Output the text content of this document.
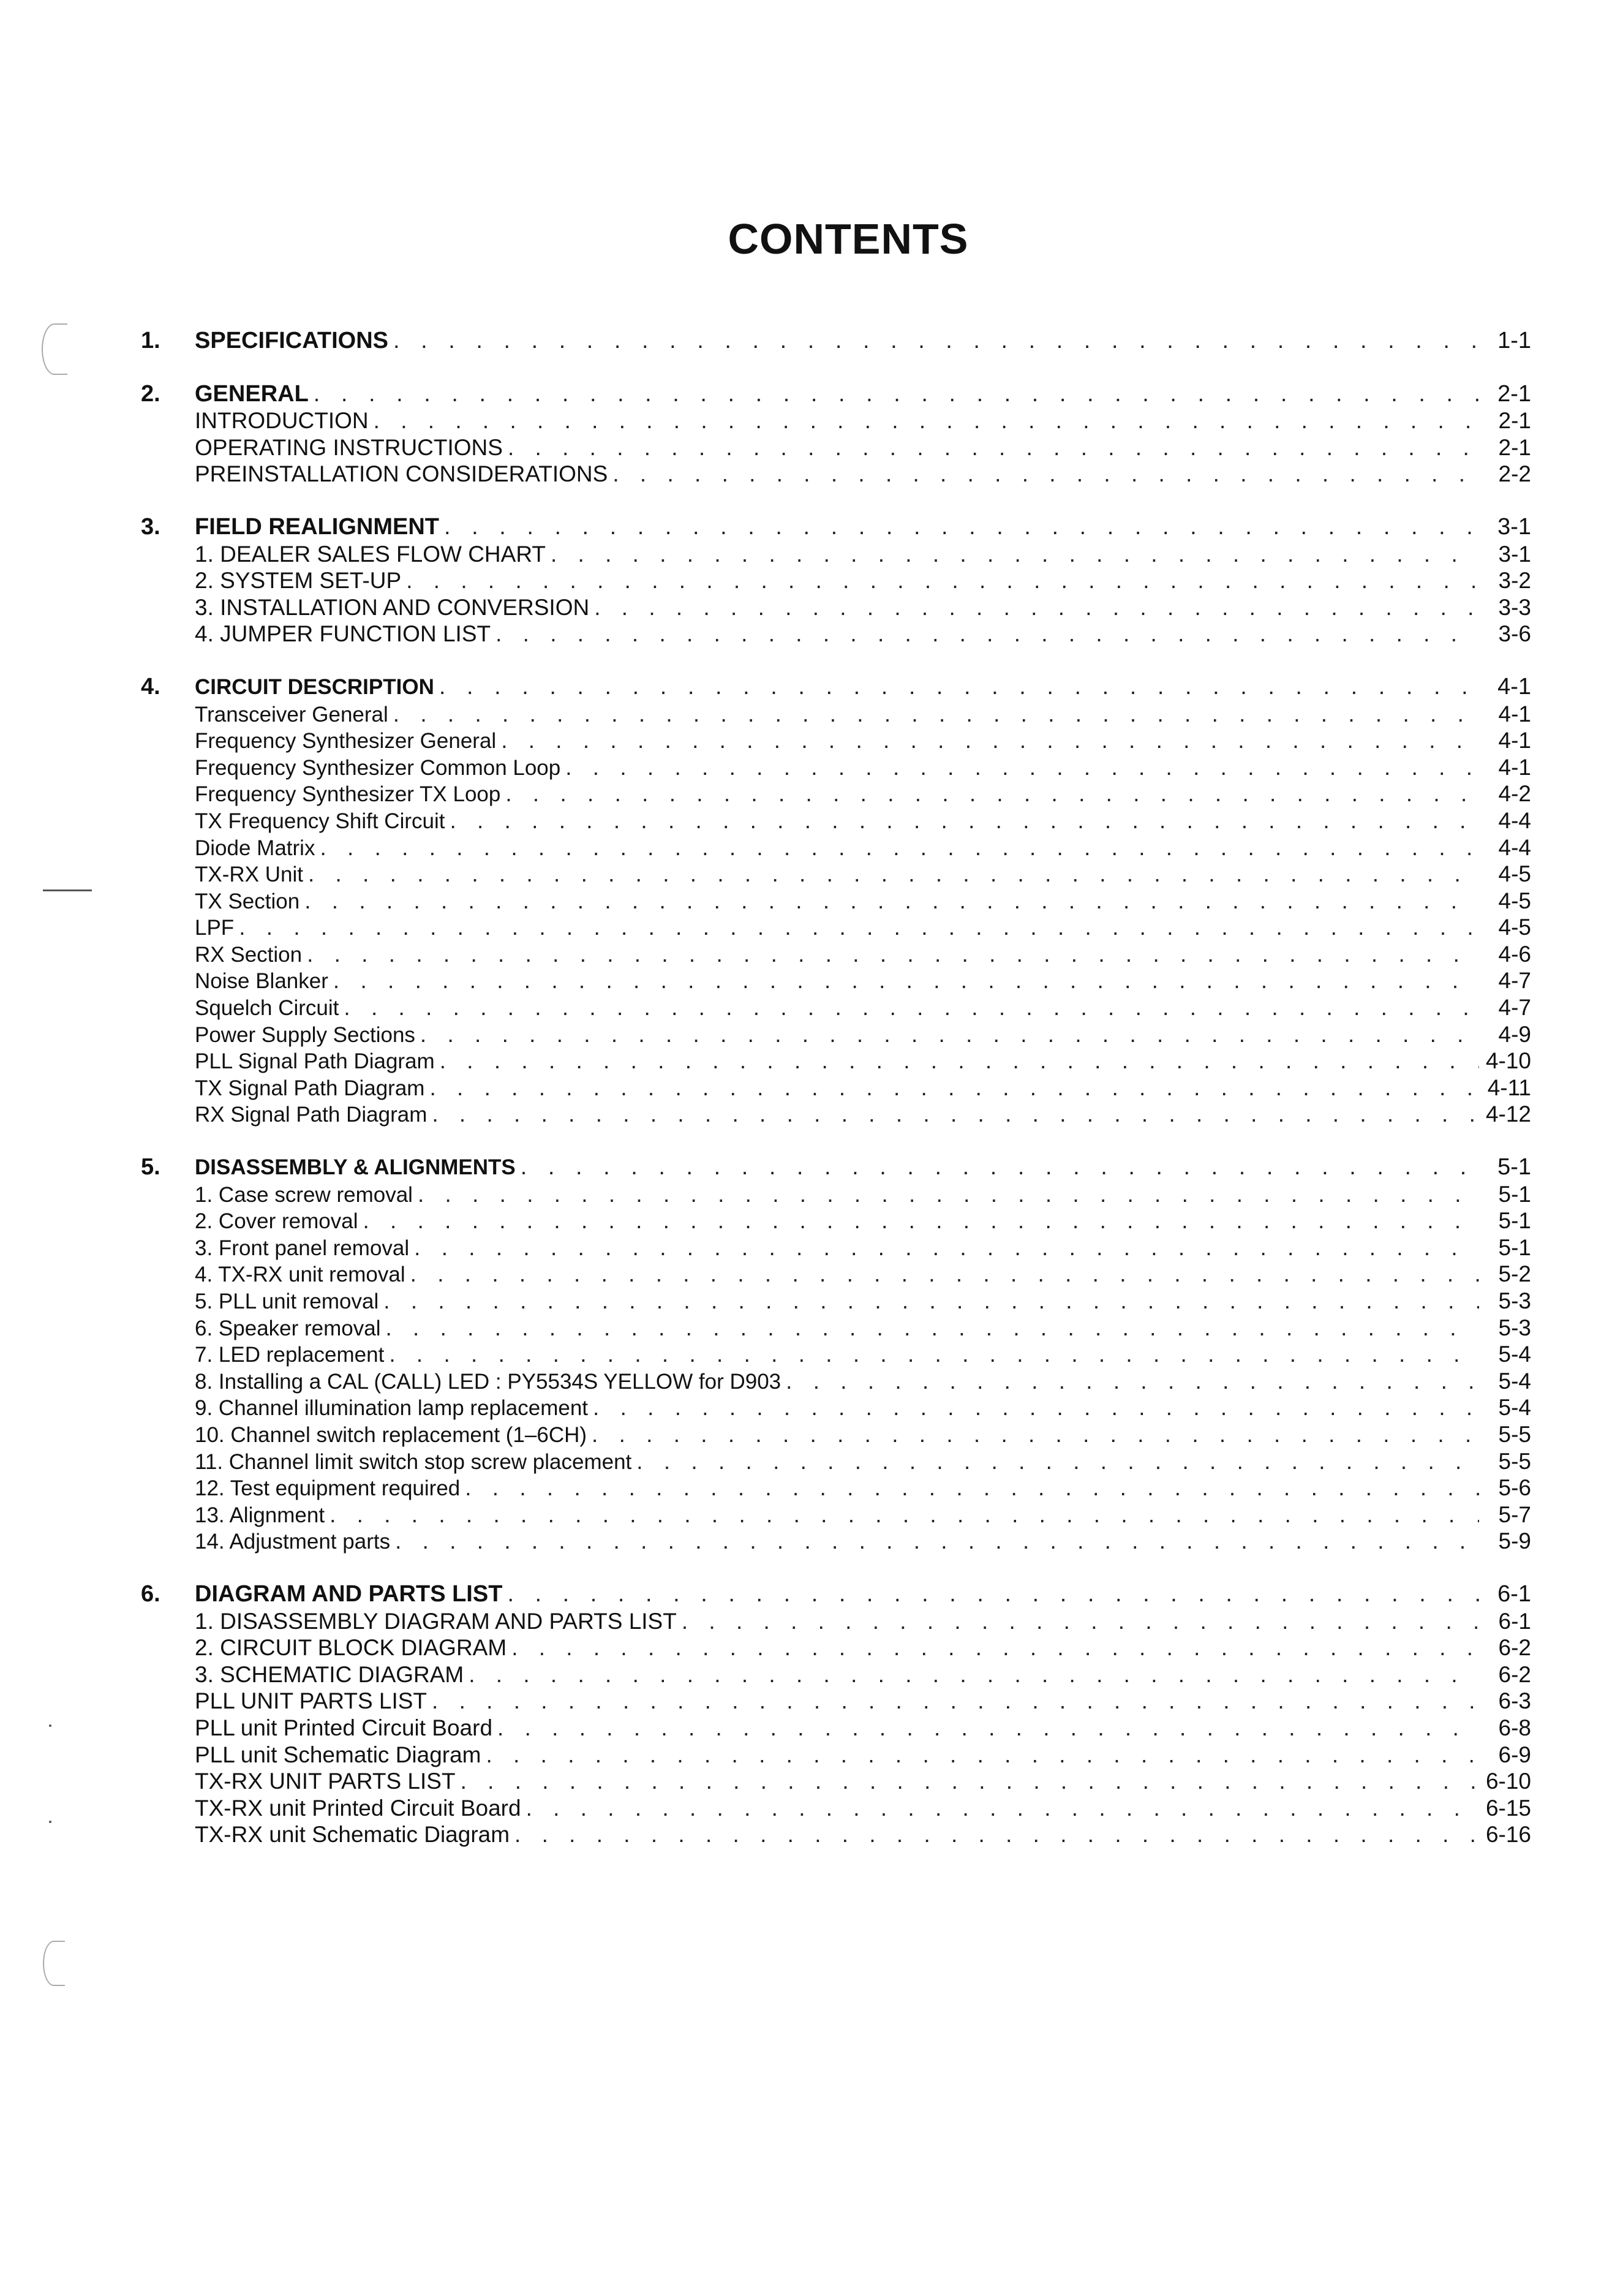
CONTENTS
1.	SPECIFICATIONS . . .	1-1
2.	GENERAL . . .	2-1
INTRODUCTION . . .	2-1
OPERATING INSTRUCTIONS . . .	2-1
PREINSTALLATION CONSIDERATIONS . . .	2-2
3.	FIELD REALIGNMENT . . .	3-1
1. DEALER SALES FLOW CHART . . .	3-1
2. SYSTEM SET-UP . . .	3-2
3. INSTALLATION AND CONVERSION . . .	3-3
4. JUMPER FUNCTION LIST . . .	3-6
4.	CIRCUIT DESCRIPTION . . .	4-1
Transceiver General . . .	4-1
Frequency Synthesizer General . . .	4-1
Frequency Synthesizer Common Loop . . .	4-1
Frequency Synthesizer TX Loop . . .	4-2
TX Frequency Shift Circuit . . .	4-4
Diode Matrix . . .	4-4
TX-RX Unit . . .	4-5
TX Section . . .	4-5
LPF . . .	4-5
RX Section . . .	4-6
Noise Blanker . . .	4-7
Squelch Circuit . . .	4-7
Power Supply Sections . . .	4-9
PLL Signal Path Diagram . . .	4-10
TX Signal Path Diagram . . .	4-11
RX Signal Path Diagram . . .	4-12
5.	DISASSEMBLY & ALIGNMENTS . . .	5-1
1. Case screw removal . . .	5-1
2. Cover removal . . .	5-1
3. Front panel removal . . .	5-1
4. TX-RX unit removal . . .	5-2
5. PLL unit removal . . .	5-3
6. Speaker removal . . .	5-3
7. LED replacement . . .	5-4
8. Installing a CAL (CALL) LED : PY5534S YELLOW for D903 . . .	5-4
9. Channel illumination lamp replacement . . .	5-4
10. Channel switch replacement (1–6CH) . . .	5-5
11. Channel limit switch stop screw placement . . .	5-5
12. Test equipment required . . .	5-6
13. Alignment . . .	5-7
14. Adjustment parts . . .	5-9
6.	DIAGRAM AND PARTS LIST . . .	6-1
1. DISASSEMBLY DIAGRAM AND PARTS LIST . . .	6-1
2. CIRCUIT BLOCK DIAGRAM . . .	6-2
3. SCHEMATIC DIAGRAM . . .	6-2
PLL UNIT PARTS LIST . . .	6-3
PLL unit Printed Circuit Board . . .	6-8
PLL unit Schematic Diagram . . .	6-9
TX-RX UNIT PARTS LIST . . .	6-10
TX-RX unit Printed Circuit Board . . .	6-15
TX-RX unit Schematic Diagram . . .	6-16
